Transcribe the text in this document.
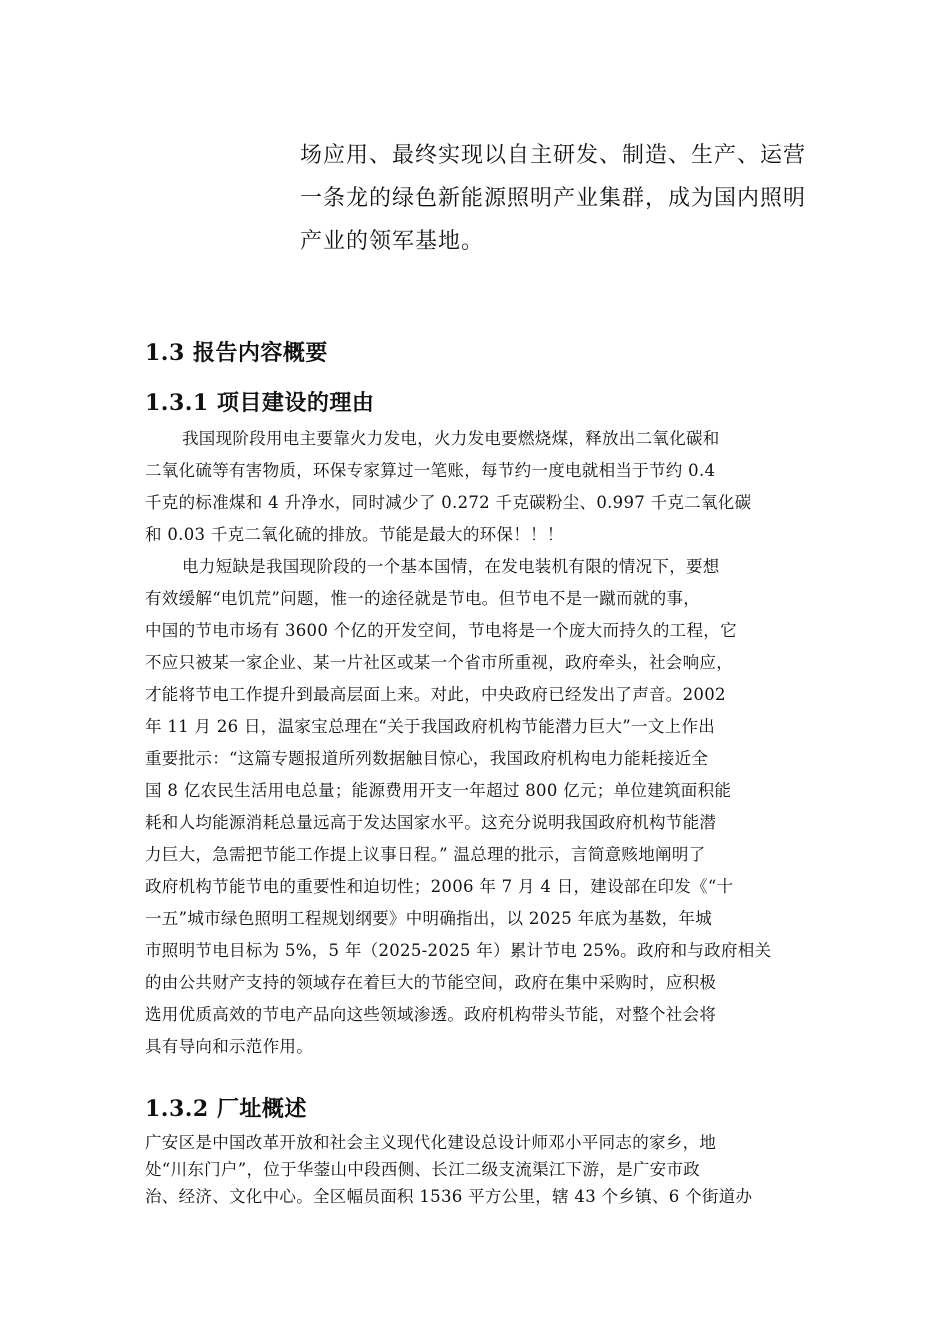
场应用、最终实现以自主研发、制造、生产、运营
一条龙的绿色新能源照明产业集群，成为国内照明
产业的领军基地。
1.3 报告内容概要
1.3.1 项目建设的理由
我国现阶段用电主要靠火力发电，火力发电要燃烧煤，释放出二氧化碳和
二氧化硫等有害物质，环保专家算过一笔账，每节约一度电就相当于节约 0.4
千克的标准煤和 4 升净水，同时减少了 0.272 千克碳粉尘、0.997 千克二氧化碳
和 0.03 千克二氧化硫的排放。节能是最大的环保！！！
电力短缺是我国现阶段的一个基本国情，在发电装机有限的情况下，要想
有效缓解“电饥荒”问题，惟一的途径就是节电。但节电不是一蹴而就的事，
中国的节电市场有 3600 个亿的开发空间，节电将是一个庞大而持久的工程，它
不应只被某一家企业、某一片社区或某一个省市所重视，政府牵头，社会响应，
才能将节电工作提升到最高层面上来。对此，中央政府已经发出了声音。2002
年 11 月 26 日，温家宝总理在“关于我国政府机构节能潜力巨大”一文上作出
重要批示：“这篇专题报道所列数据触目惊心，我国政府机构电力能耗接近全
国 8 亿农民生活用电总量；能源费用开支一年超过 800 亿元；单位建筑面积能
耗和人均能源消耗总量远高于发达国家水平。这充分说明我国政府机构节能潜
力巨大，急需把节能工作提上议事日程。” 温总理的批示，言简意赅地阐明了
政府机构节能节电的重要性和迫切性；2006 年 7 月 4 日，建设部在印发《“十
一五”城市绿色照明工程规划纲要》中明确指出，以 2025 年底为基数，年城
市照明节电目标为 5%，5 年（2025-2025 年）累计节电 25%。政府和与政府相关
的由公共财产支持的领域存在着巨大的节能空间，政府在集中采购时，应积极
选用优质高效的节电产品向这些领域渗透。政府机构带头节能，对整个社会将
具有导向和示范作用。
1.3.2 厂址概述
广安区是中国改革开放和社会主义现代化建设总设计师邓小平同志的家乡，地
处“川东门户”，位于华蓥山中段西侧、长江二级支流渠江下游，是广安市政
治、经济、文化中心。全区幅员面积 1536 平方公里，辖 43 个乡镇、6 个街道办
